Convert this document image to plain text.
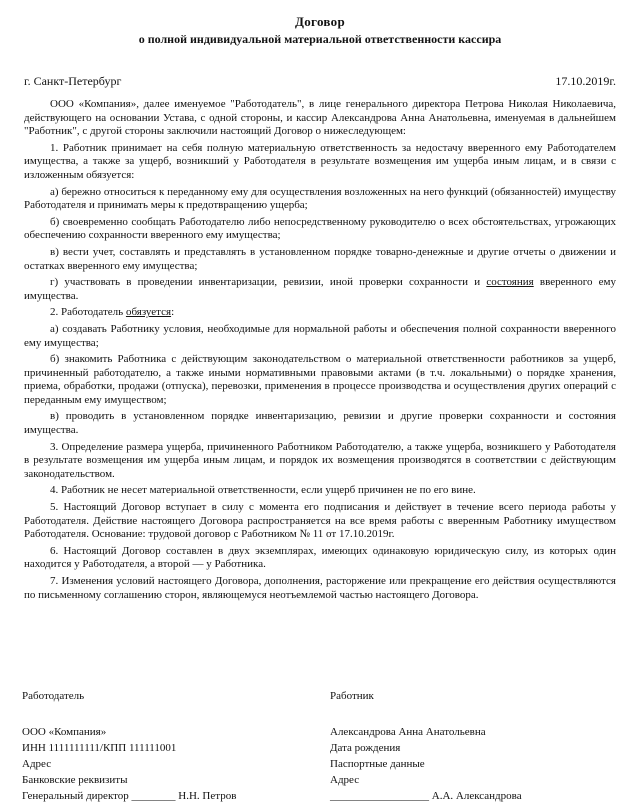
Договор
о полной индивидуальной материальной ответственности кассира
г. Санкт-Петербург	17.10.2019г.

ООО «Компания», далее именуемое "Работодатель", в лице генерального директора Петрова Николая Николаевича, действующего на основании Устава, с одной стороны, и кассир Александрова Анна Анатольевна, именуемая в дальнейшем "Работник", с другой стороны заключили настоящий Договор о нижеследующем:

1. Работник принимает на себя полную материальную ответственность за недостачу вверенного ему Работодателем имущества, а также за ущерб, возникший у Работодателя в результате возмещения им ущерба иным лицам, и в связи с изложенным обязуется:

а) бережно относиться к переданному ему для осуществления возложенных на него функций (обязанностей) имуществу Работодателя и принимать меры к предотвращению ущерба;

б) своевременно сообщать Работодателю либо непосредственному руководителю о всех обстоятельствах, угрожающих обеспечению сохранности вверенного ему имущества;

в) вести учет, составлять и представлять в установленном порядке товарно-денежные и другие отчеты о движении и остатках вверенного ему имущества;

г) участвовать в проведении инвентаризации, ревизии, иной проверки сохранности и состояния вверенного ему имущества.

2. Работодатель обязуется:

а) создавать Работнику условия, необходимые для нормальной работы и обеспечения полной сохранности вверенного ему имущества;

б) знакомить Работника с действующим законодательством о материальной ответственности работников за ущерб, причиненный работодателю, а также иными нормативными правовыми актами (в т.ч. локальными) о порядке хранения, приема, обработки, продажи (отпуска), перевозки, применения в процессе производства и осуществления других операций с переданным ему имуществом;

в) проводить в установленном порядке инвентаризацию, ревизии и другие проверки сохранности и состояния имущества.

3. Определение размера ущерба, причиненного Работником Работодателю, а также ущерба, возникшего у Работодателя в результате возмещения им ущерба иным лицам, и порядок их возмещения производятся в соответствии с действующим законодательством.

4. Работник не несет материальной ответственности, если ущерб причинен не по его вине.

5. Настоящий Договор вступает в силу с момента его подписания и действует в течение всего периода работы у Работодателя. Действие настоящего Договора распространяется на все время работы с вверенным Работнику имуществом Работодателя. Основание: трудовой договор с Работником № 11 от 17.10.2019г.

6. Настоящий Договор составлен в двух экземплярах, имеющих одинаковую юридическую силу, из которых один находится у Работодателя, а второй — у Работника.

7. Изменения условий настоящего Договора, дополнения, расторжение или прекращение его действия осуществляются по письменному соглашению сторон, являющемуся неотъемлемой частью настоящего Договора.

Работодатель
ООО «Компания»
ИНН 1111111111/КПП 111111001
Адрес
Банковские реквизиты
Генеральный директор ________ Н.Н. Петров
Работник
Александрова Анна Анатольевна
Дата рождения
Паспортные данные
Адрес
__________________ А.А. Александрова
